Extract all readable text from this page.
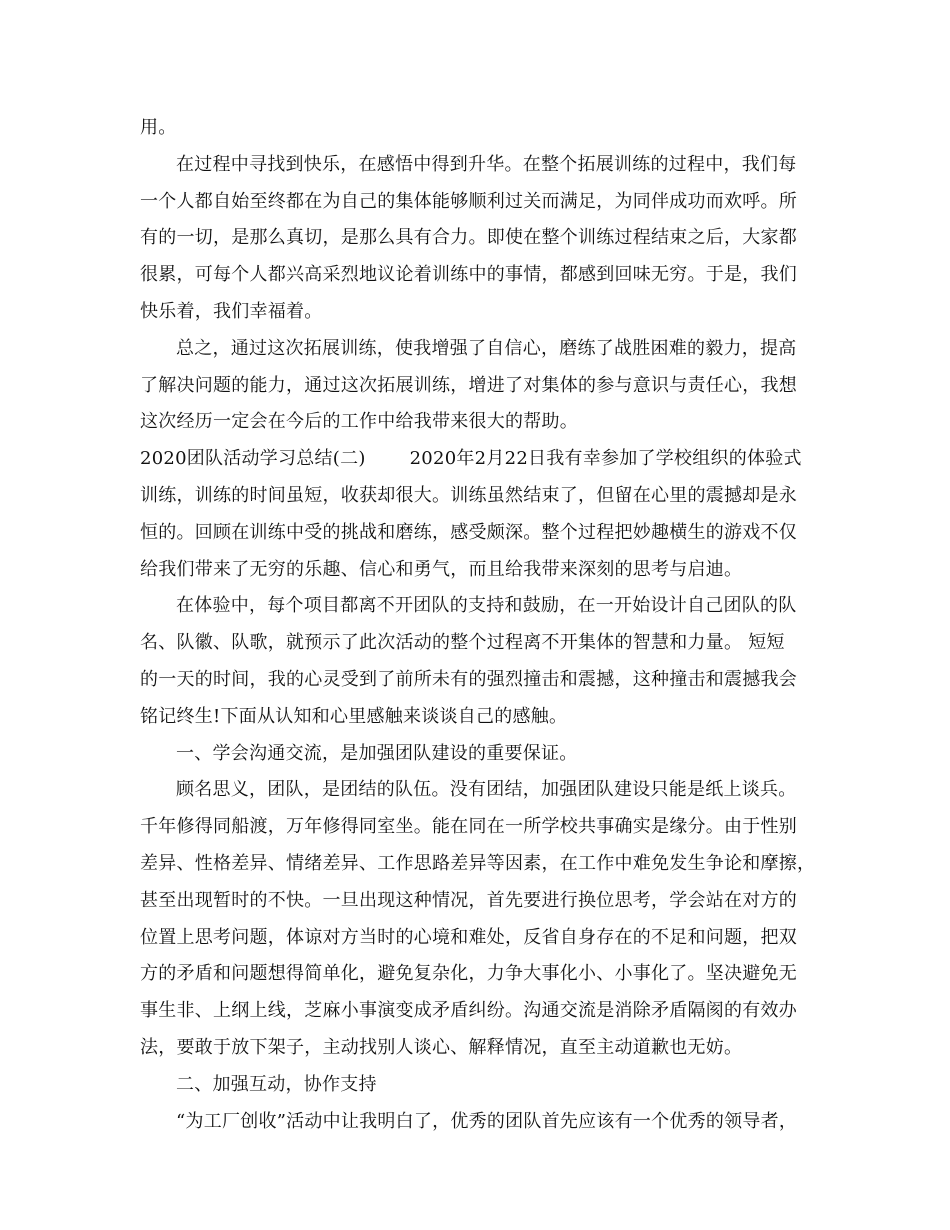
用。
在过程中寻找到快乐，在感悟中得到升华。在整个拓展训练的过程中，我们每
一个人都自始至终都在为自己的集体能够顺利过关而满足，为同伴成功而欢呼。所
有的一切，是那么真切，是那么具有合力。即使在整个训练过程结束之后，大家都
很累，可每个人都兴高采烈地议论着训练中的事情，都感到回味无穷。于是，我们
快乐着，我们幸福着。
总之，通过这次拓展训练，使我增强了自信心，磨练了战胜困难的毅力，提高
了解决问题的能力，通过这次拓展训练，增进了对集体的参与意识与责任心，我想
这次经历一定会在今后的工作中给我带来很大的帮助。
2020团队活动学习总结(二) 2020年2月22日我有幸参加了学校组织的体验式
训练，训练的时间虽短，收获却很大。训练虽然结束了，但留在心里的震撼却是永
恒的。回顾在训练中受的挑战和磨练，感受颇深。整个过程把妙趣横生的游戏不仅
给我们带来了无穷的乐趣、信心和勇气，而且给我带来深刻的思考与启迪。
在体验中，每个项目都离不开团队的支持和鼓励，在一开始设计自己团队的队
名、队徽、队歌，就预示了此次活动的整个过程离不开集体的智慧和力量。 短短
的一天的时间，我的心灵受到了前所未有的强烈撞击和震撼，这种撞击和震撼我会
铭记终生!下面从认知和心里感触来谈谈自己的感触。
一、学会沟通交流，是加强团队建设的重要保证。
顾名思义，团队，是团结的队伍。没有团结，加强团队建设只能是纸上谈兵。
千年修得同船渡，万年修得同室坐。能在同在一所学校共事确实是缘分。由于性别
差异、性格差异、情绪差异、工作思路差异等因素，在工作中难免发生争论和摩擦，
甚至出现暂时的不快。一旦出现这种情况，首先要进行换位思考，学会站在对方的
位置上思考问题，体谅对方当时的心境和难处，反省自身存在的不足和问题，把双
方的矛盾和问题想得简单化，避免复杂化，力争大事化小、小事化了。坚决避免无
事生非、上纲上线，芝麻小事演变成矛盾纠纷。沟通交流是消除矛盾隔阂的有效办
法，要敢于放下架子，主动找别人谈心、解释情况，直至主动道歉也无妨。
二、加强互动，协作支持
“为工厂创收”活动中让我明白了，优秀的团队首先应该有一个优秀的领导者，
